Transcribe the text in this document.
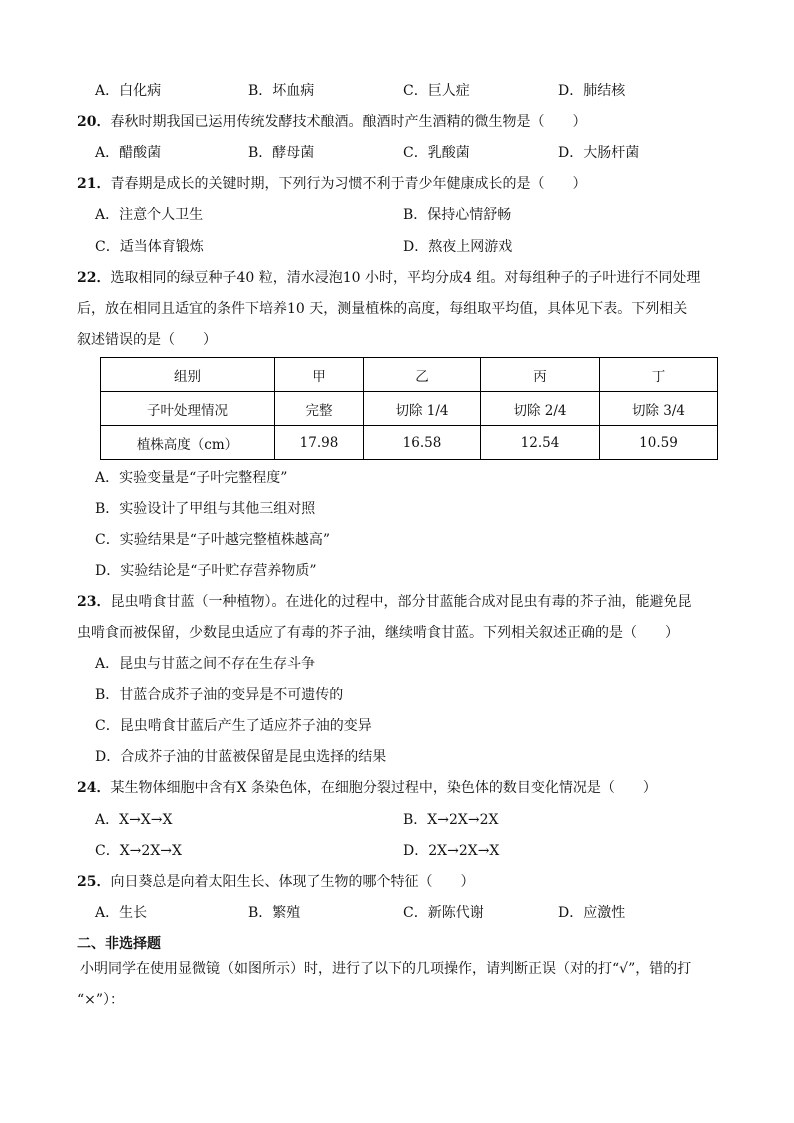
A．白化病	B．坏血病	C．巨人症	D．肺结核
20．春秋时期我国已运用传统发酵技术酿酒。酿酒时产生酒精的微生物是（　　）
A．醋酸菌	B．酵母菌	C．乳酸菌	D．大肠杆菌
21．青春期是成长的关键时期，下列行为习惯不利于青少年健康成长的是（　　）
A．注意个人卫生	B．保持心情舒畅
C．适当体育锻炼	D．熬夜上网游戏
22．选取相同的绿豆种子40 粒，清水浸泡10 小时，平均分成4 组。对每组种子的子叶进行不同处理
后，放在相同且适宜的条件下培养10 天，测量植株的高度，每组取平均值，具体见下表。下列相关
叙述错误的是（　　）
组别	甲	乙	丙	丁
子叶处理情况	完整	切除 1/4	切除 2/4	切除 3/4
植株高度（cm）	17.98	16.58	12.54	10.59
A．实验变量是“子叶完整程度”
B．实验设计了甲组与其他三组对照
C．实验结果是“子叶越完整植株越高”
D．实验结论是“子叶贮存营养物质”
23．昆虫啃食甘蓝（一种植物）。在进化的过程中，部分甘蓝能合成对昆虫有毒的芥子油，能避免昆
虫啃食而被保留，少数昆虫适应了有毒的芥子油，继续啃食甘蓝。下列相关叙述正确的是（　　）
A．昆虫与甘蓝之间不存在生存斗争
B．甘蓝合成芥子油的变异是不可遗传的
C．昆虫啃食甘蓝后产生了适应芥子油的变异
D．合成芥子油的甘蓝被保留是昆虫选择的结果
24．某生物体细胞中含有X 条染色体，在细胞分裂过程中，染色体的数目变化情况是（　　）
A．X→X→X	B．X→2X→2X
C．X→2X→X	D．2X→2X→X
25．向日葵总是向着太阳生长、体现了生物的哪个特征（　　）
A．生长	B．繁殖	C．新陈代谢	D．应激性
二、非选择题
小明同学在使用显微镜（如图所示）时，进行了以下的几项操作，请判断正误（对的打“√”，错的打
“×”）：
